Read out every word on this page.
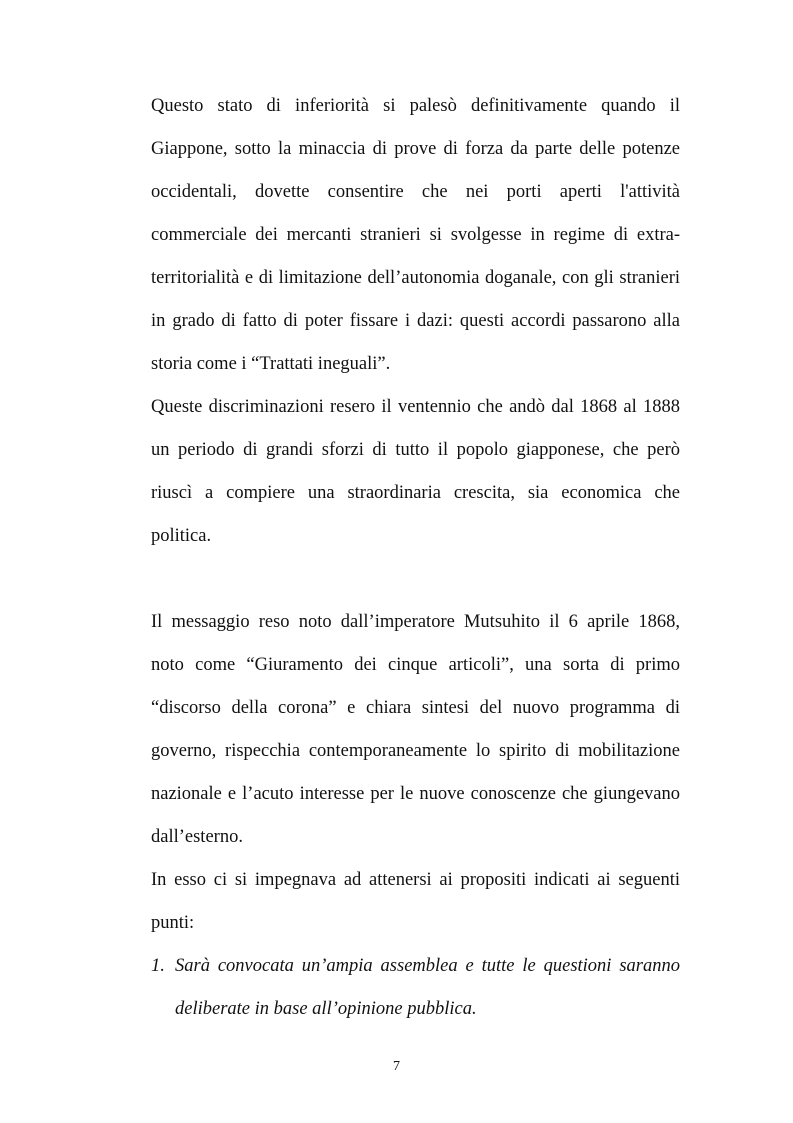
Questo stato di inferiorità si palesò definitivamente quando il
Giappone, sotto la minaccia di prove di forza da parte delle potenze
occidentali, dovette consentire che nei porti aperti l'attività
commerciale dei mercanti stranieri si svolgesse in regime di extra-
territorialità e di limitazione dell’autonomia doganale, con gli stranieri
in grado di fatto di poter fissare i dazi: questi accordi passarono alla
storia come i “Trattati ineguali”.
Queste discriminazioni resero il ventennio che andò dal 1868 al 1888
un periodo di grandi sforzi di tutto il popolo giapponese, che però
riuscì a compiere una straordinaria crescita, sia economica che
politica.
Il messaggio reso noto dall’imperatore Mutsuhito il 6 aprile 1868,
noto come “Giuramento dei cinque articoli”, una sorta di primo
“discorso della corona” e chiara sintesi del nuovo programma di
governo, rispecchia contemporaneamente lo spirito di mobilitazione
nazionale e l’acuto interesse per le nuove conoscenze che giungevano
dall’esterno.
In esso ci si impegnava ad attenersi ai propositi indicati ai seguenti
punti:
1. Sarà convocata un’ampia assemblea e tutte le questioni saranno
deliberate in base all’opinione pubblica.
7
